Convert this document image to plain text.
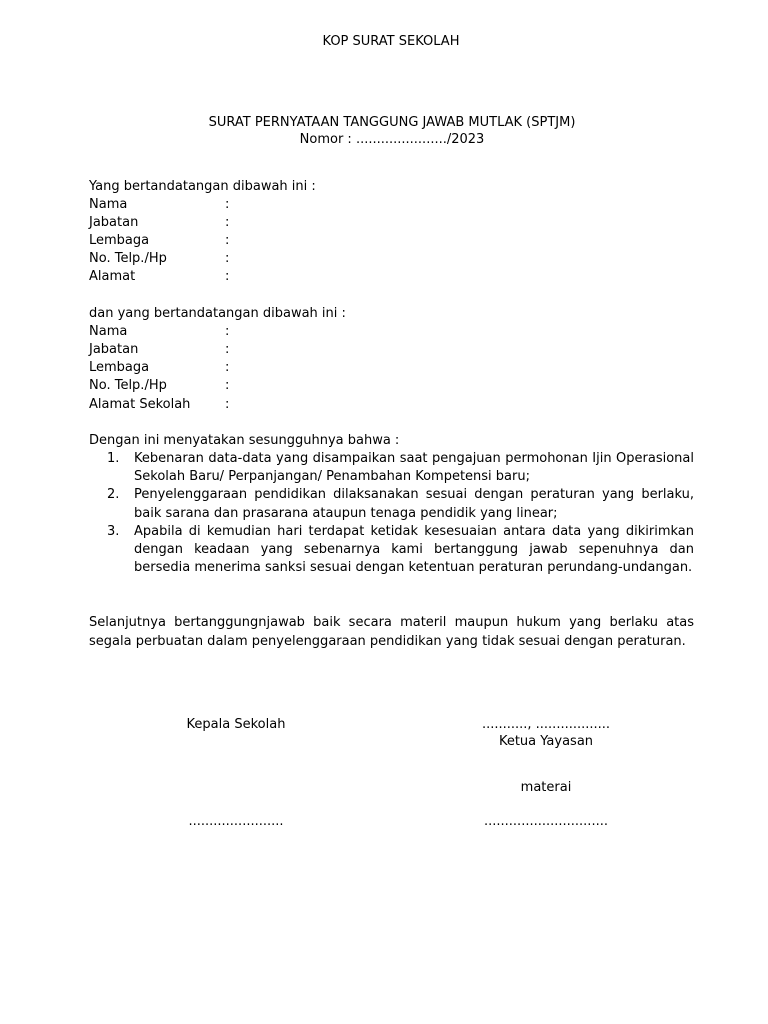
KOP SURAT SEKOLAH
SURAT PERNYATAAN TANGGUNG JAWAB MUTLAK (SPTJM)
Nomor : ....................../2023
Yang bertandatangan dibawah ini :
Nama	:
Jabatan	:
Lembaga	:
No. Telp./Hp	:
Alamat	:
dan yang bertandatangan dibawah ini :
Nama	:
Jabatan	:
Lembaga	:
No. Telp./Hp	:
Alamat Sekolah	:
Dengan ini menyatakan sesungguhnya bahwa :
1. Kebenaran data-data yang disampaikan saat pengajuan permohonan Ijin Operasional Sekolah Baru/ Perpanjangan/ Penambahan Kompetensi baru;
2. Penyelenggaraan pendidikan dilaksanakan sesuai dengan peraturan yang berlaku, baik sarana dan prasarana ataupun tenaga pendidik yang linear;
3. Apabila di kemudian hari terdapat ketidak kesesuaian antara data yang dikirimkan dengan keadaan yang sebenarnya kami bertanggung jawab sepenuhnya dan bersedia menerima sanksi sesuai dengan ketentuan peraturan perundang-undangan.
Selanjutnya bertanggungnjawab baik secara materil maupun hukum yang berlaku atas segala perbuatan dalam penyelenggaraan pendidikan yang tidak sesuai dengan peraturan.
Kepala Sekolah
.......................
..........., ..................
Ketua Yayasan
materai
..............................
